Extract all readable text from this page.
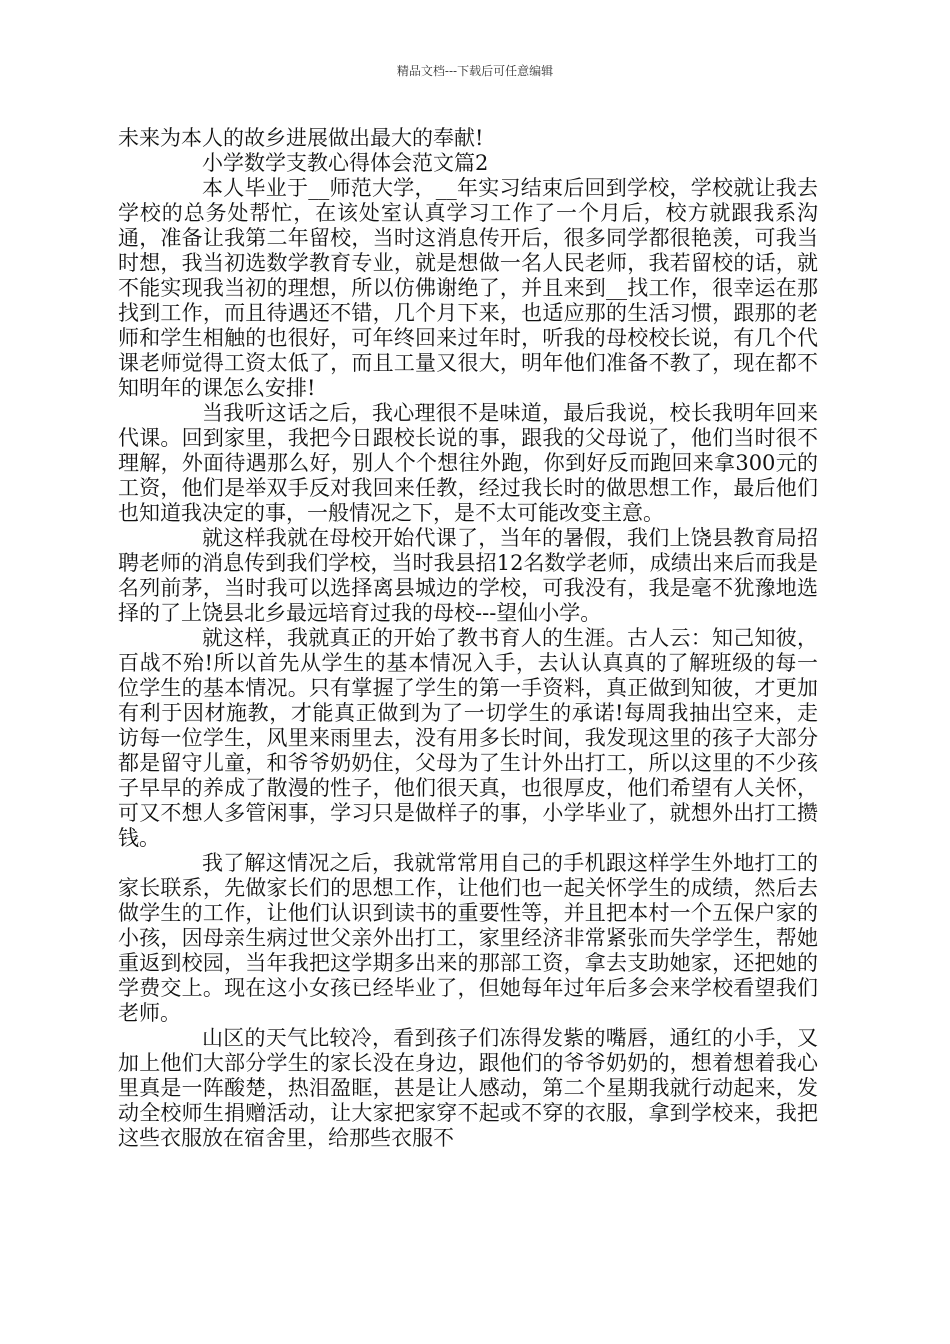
精品文档---下载后可任意编辑

未来为本人的故乡进展做出最大的奉献!

小学数学支教心得体会范文篇2

本人毕业于__师范大学，__年实习结束后回到学校，学校就让我去学校的总务处帮忙，在该处室认真学习工作了一个月后，校方就跟我系沟通，准备让我第二年留校，当时这消息传开后，很多同学都很艳羡，可我当时想，我当初选数学教育专业，就是想做一名人民老师，我若留校的话，就不能实现我当初的理想，所以仿佛谢绝了，并且来到__找工作，很幸运在那找到工作，而且待遇还不错，几个月下来，也适应那的生活习惯，跟那的老师和学生相触的也很好，可年终回来过年时，听我的母校校长说，有几个代课老师觉得工资太低了，而且工量又很大，明年他们准备不教了，现在都不知明年的课怎么安排!

当我听这话之后，我心理很不是味道，最后我说，校长我明年回来代课。回到家里，我把今日跟校长说的事，跟我的父母说了，他们当时很不理解，外面待遇那么好，别人个个想往外跑，你到好反而跑回来拿300元的工资，他们是举双手反对我回来任教，经过我长时的做思想工作，最后他们也知道我决定的事，一般情况之下，是不太可能改变主意。

就这样我就在母校开始代课了，当年的暑假，我们上饶县教育局招聘老师的消息传到我们学校，当时我县招12名数学老师，成绩出来后而我是名列前茅，当时我可以选择离县城边的学校，可我没有，我是毫不犹豫地选择的了上饶县北乡最远培育过我的母校---望仙小学。

就这样，我就真正的开始了教书育人的生涯。古人云：知己知彼，百战不殆!所以首先从学生的基本情况入手，去认认真真的了解班级的每一位学生的基本情况。只有掌握了学生的第一手资料，真正做到知彼，才更加有利于因材施教，才能真正做到为了一切学生的承诺!每周我抽出空来，走访每一位学生，风里来雨里去，没有用多长时间，我发现这里的孩子大部分都是留守儿童，和爷爷奶奶住，父母为了生计外出打工，所以这里的不少孩子早早的养成了散漫的性子，他们很天真，也很厚皮，他们希望有人关怀，可又不想人多管闲事，学习只是做样子的事，小学毕业了，就想外出打工攒钱。

我了解这情况之后，我就常常用自己的手机跟这样学生外地打工的家长联系，先做家长们的思想工作，让他们也一起关怀学生的成绩，然后去做学生的工作，让他们认识到读书的重要性等，并且把本村一个五保户家的小孩，因母亲生病过世父亲外出打工，家里经济非常紧张而失学学生，帮她重返到校园，当年我把这学期多出来的那部工资，拿去支助她家，还把她的学费交上。现在这小女孩已经毕业了，但她每年过年后多会来学校看望我们老师。

山区的天气比较冷，看到孩子们冻得发紫的嘴唇，通红的小手，又加上他们大部分学生的家长没在身边，跟他们的爷爷奶奶的，想着想着我心里真是一阵酸楚，热泪盈眶，甚是让人感动，第二个星期我就行动起来，发动全校师生捐赠活动，让大家把家穿不起或不穿的衣服，拿到学校来，我把这些衣服放在宿舍里，给那些衣服不
